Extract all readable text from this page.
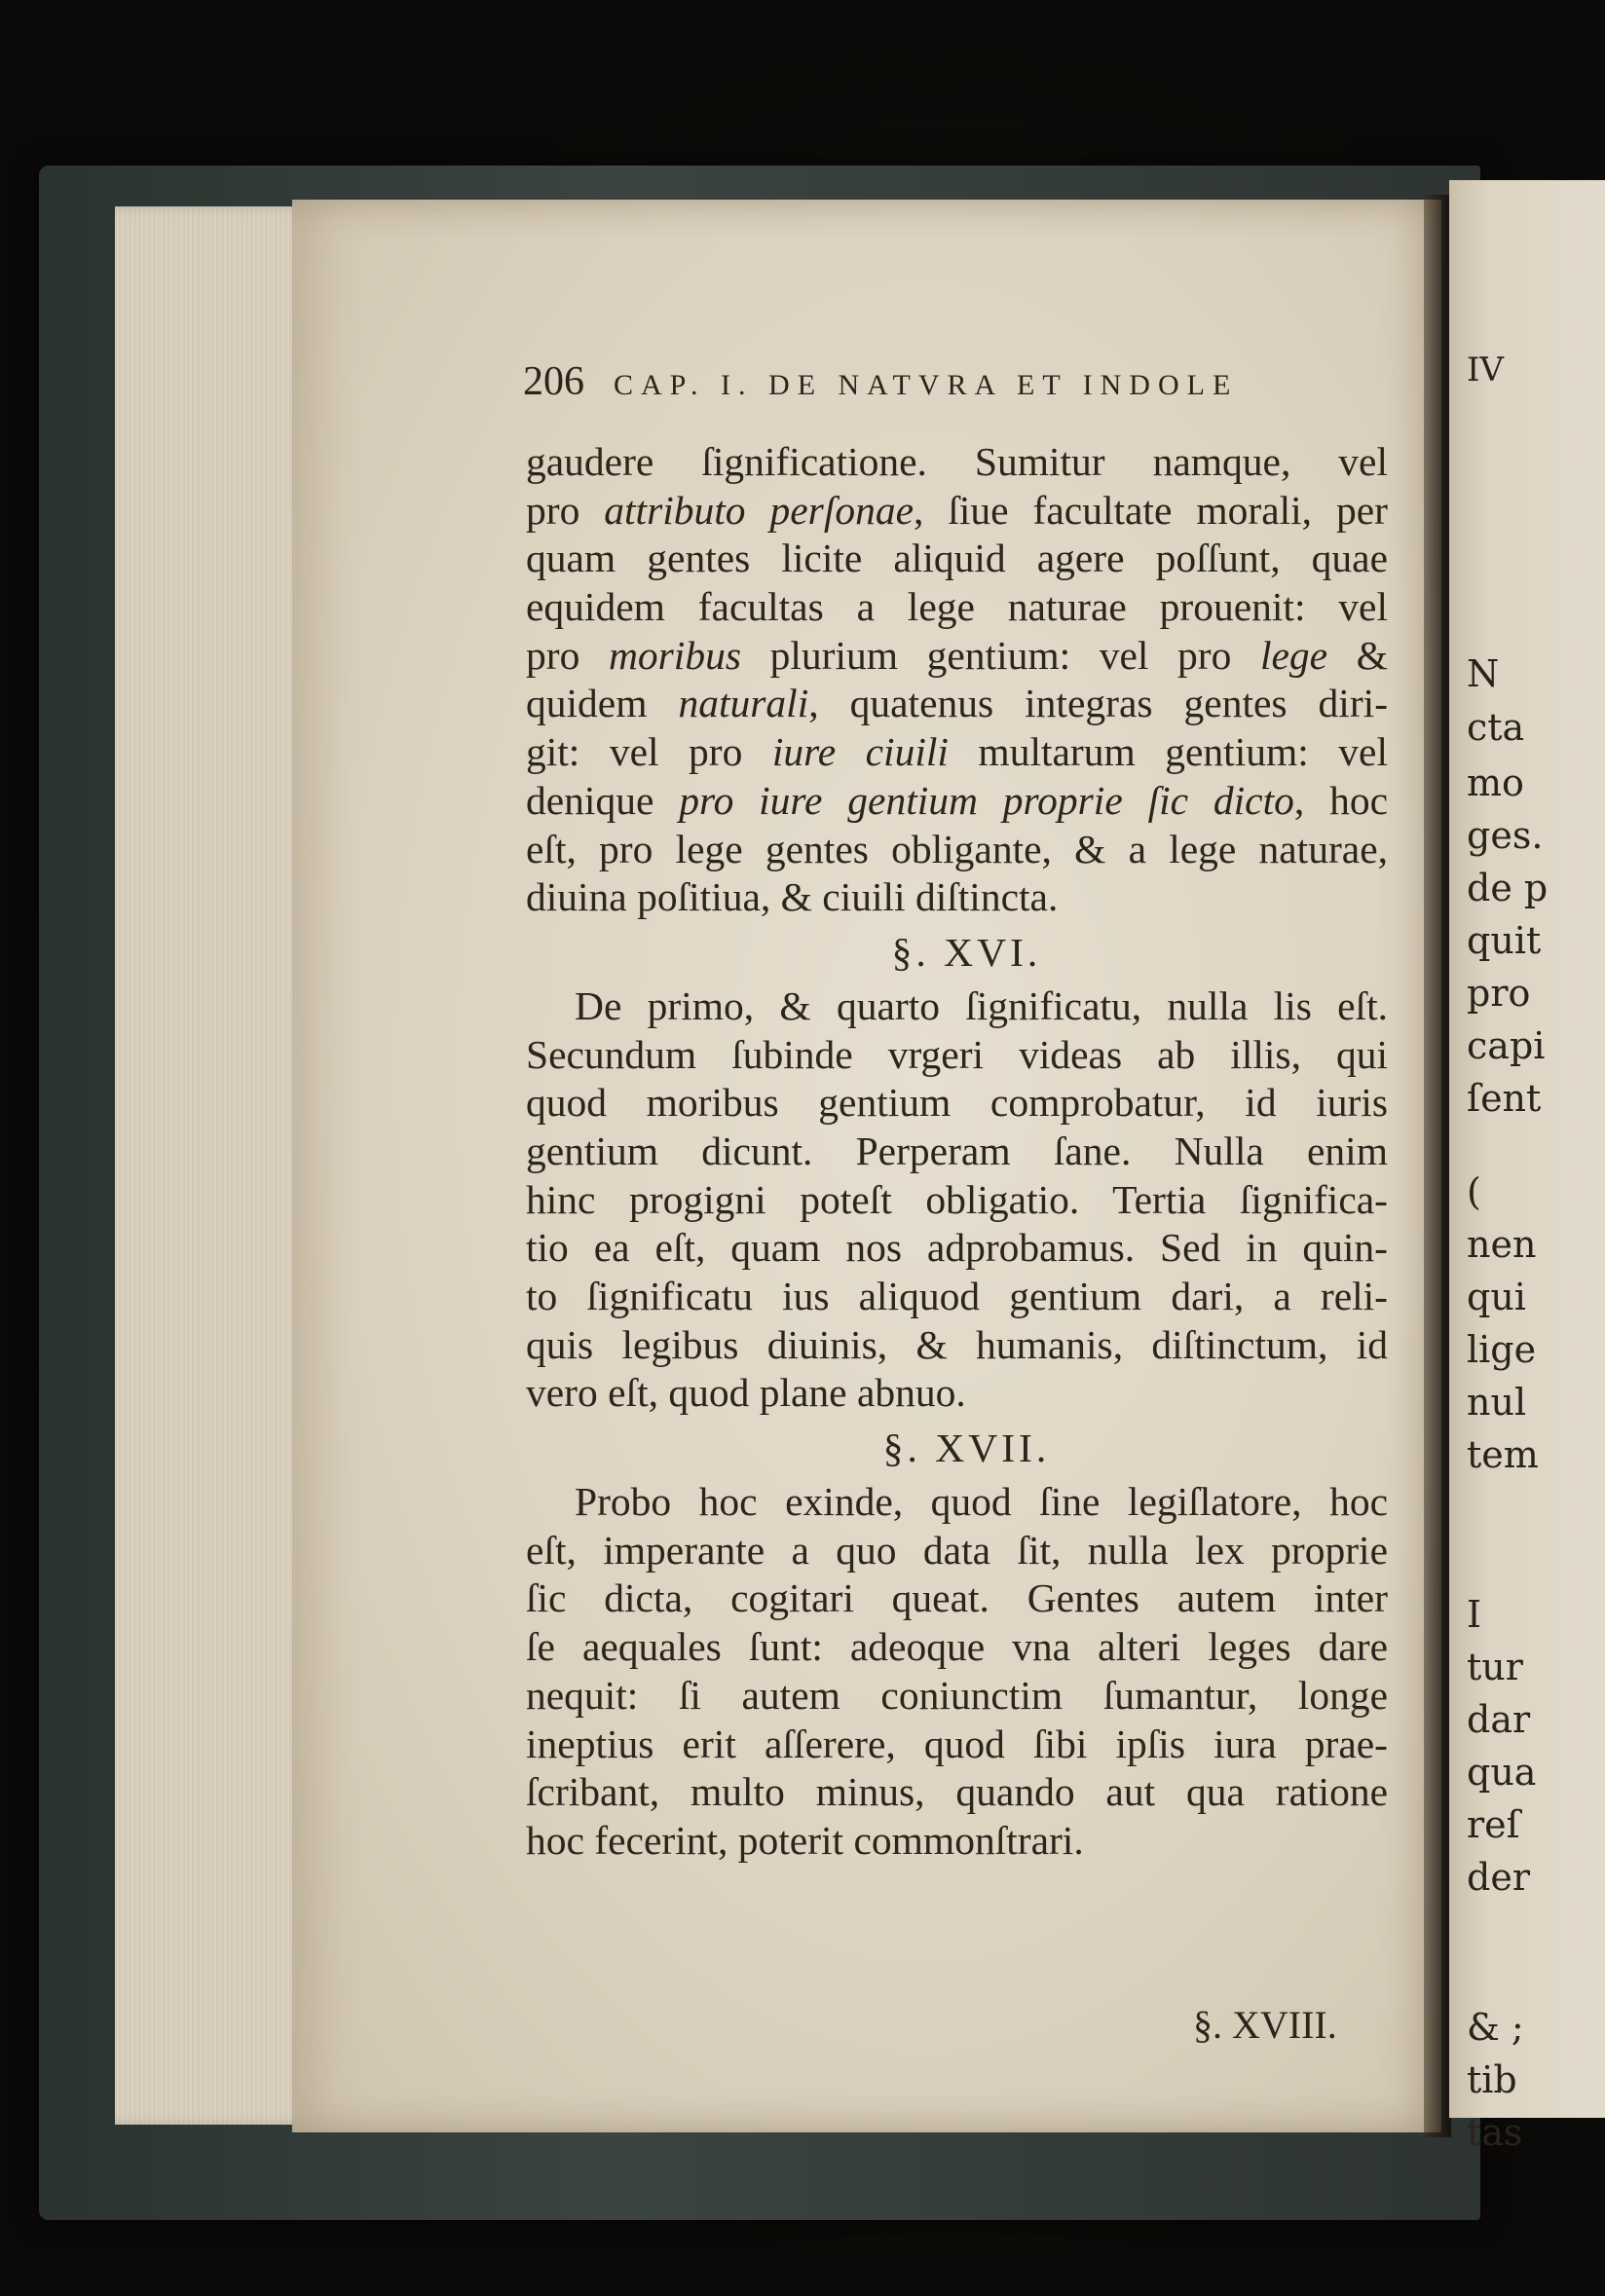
IV
N
cta
mo
ges.
de p
quit
pro
capi
ſent
(
nen
qui
lige
nul
tem
I
tur
dar
qua
reſ
der
& ;
tib
tas
206 CAP. I. DE NATVRA ET INDOLE
gaudere ſignificatione. Sumitur namque, vel
pro attributo perſonae, ſiue facultate morali, per
quam gentes licite aliquid agere poſſunt, quae
equidem facultas a lege naturae prouenit: vel
pro moribus plurium gentium: vel pro lege &
quidem naturali, quatenus integras gentes diri-
git: vel pro iure ciuili multarum gentium: vel
denique pro iure gentium proprie ſic dicto, hoc
eſt, pro lege gentes obligante, & a lege naturae,
diuina poſitiua, & ciuili diſtincta.
§. XVI.
De primo, & quarto ſignificatu, nulla lis eſt.
Secundum ſubinde vrgeri videas ab illis, qui
quod moribus gentium comprobatur, id iuris
gentium dicunt. Perperam ſane. Nulla enim
hinc progigni poteſt obligatio. Tertia ſignifica-
tio ea eſt, quam nos adprobamus. Sed in quin-
to ſignificatu ius aliquod gentium dari, a reli-
quis legibus diuinis, & humanis, diſtinctum, id
vero eſt, quod plane abnuo.
§. XVII.
Probo hoc exinde, quod ſine legiſlatore, hoc
eſt, imperante a quo data ſit, nulla lex proprie
ſic dicta, cogitari queat. Gentes autem inter
ſe aequales ſunt: adeoque vna alteri leges dare
nequit: ſi autem coniunctim ſumantur, longe
ineptius erit aſſerere, quod ſibi ipſis iura prae-
ſcribant, multo minus, quando aut qua ratione
hoc fecerint, poterit commonſtrari.
§. XVIII.
